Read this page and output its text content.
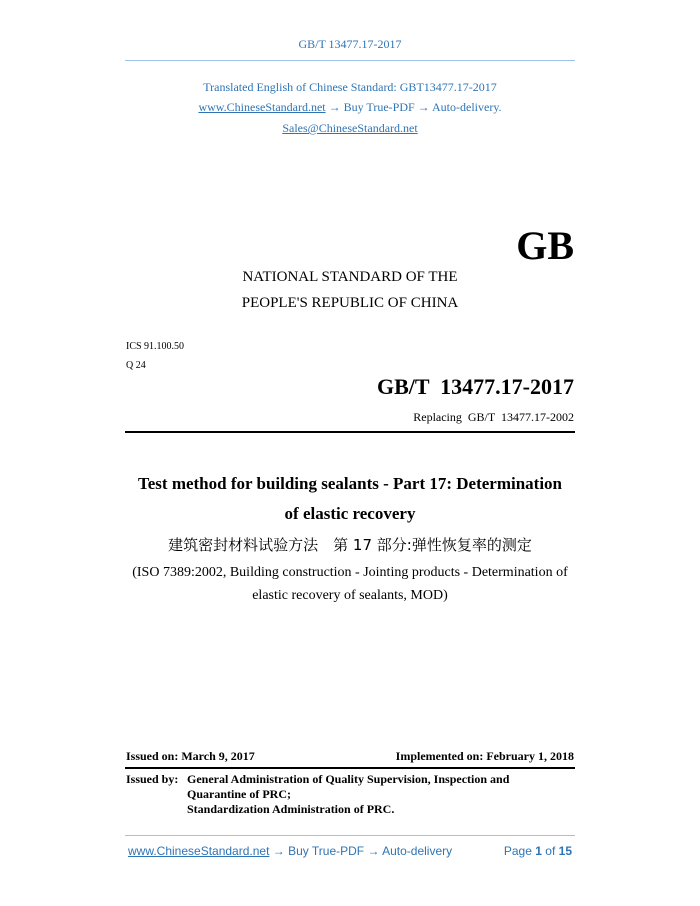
GB/T 13477.17-2017
Translated English of Chinese Standard: GBT13477.17-2017
www.ChineseStandard.net → Buy True-PDF → Auto-delivery.
Sales@ChineseStandard.net
GB
NATIONAL STANDARD OF THE
PEOPLE'S REPUBLIC OF CHINA
ICS 91.100.50
Q 24
GB/T  13477.17-2017
Replacing  GB/T  13477.17-2002
Test method for building sealants - Part 17: Determination
of elastic recovery
建筑密封材料试验方法　第 17 部分:弹性恢复率的测定
(ISO 7389:2002, Building construction - Jointing products - Determination of
elastic recovery of sealants, MOD)
Issued on: March 9, 2017	Implemented on: February 1, 2018
Issued by: General Administration of Quality Supervision, Inspection and
Quarantine of PRC;
Standardization Administration of PRC.
www.ChineseStandard.net → Buy True-PDF → Auto-delivery	Page 1 of 15
